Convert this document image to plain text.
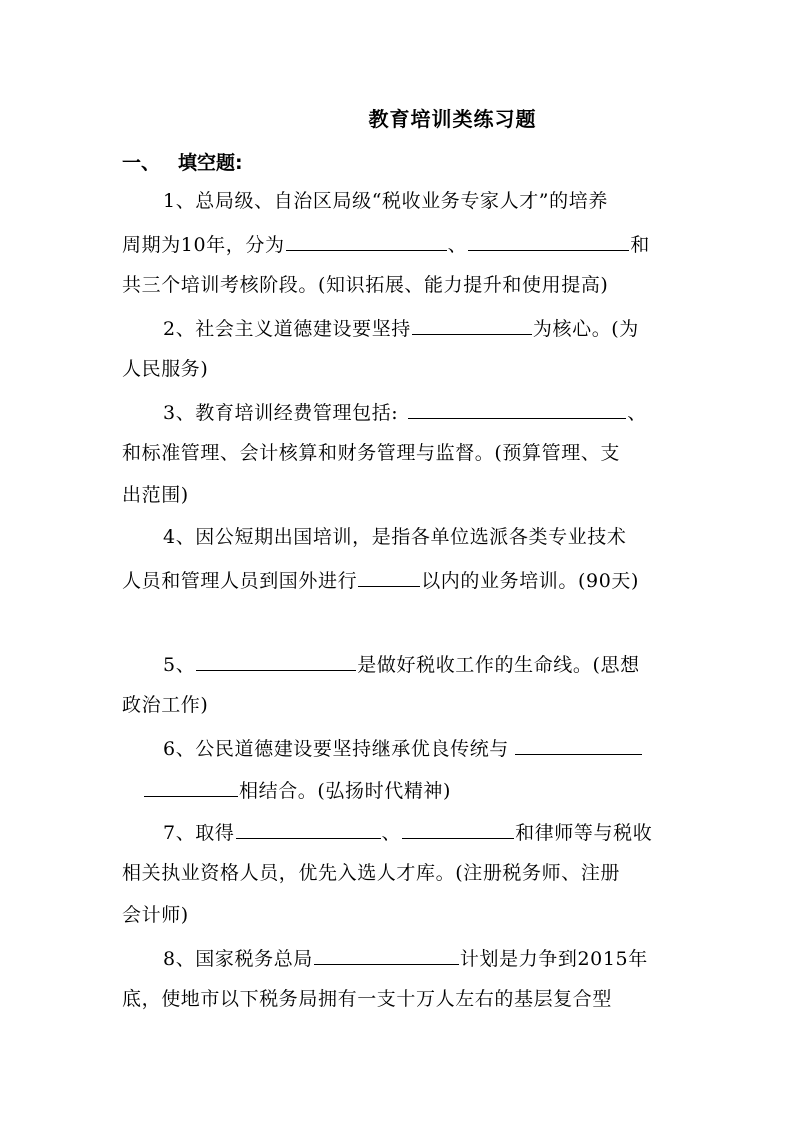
教育培训类练习题
一、 填空题:
1、总局级、自治区局级“税收业务专家人才”的培养
周期为10年，分为	、	和
共三个培训考核阶段。(知识拓展、能力提升和使用提高)
2、社会主义道德建设要坚持	为核心。(为
人民服务)
3、教育培训经费管理包括:	、
和标准管理、会计核算和财务管理与监督。(预算管理、支
出范围)
4、因公短期出国培训，是指各单位选派各类专业技术
人员和管理人员到国外进行	以内的业务培训。(90天)
5、	是做好税收工作的生命线。(思想
政治工作)
6、公民道德建设要坚持继承优良传统与
相结合。(弘扬时代精神)
7、取得	、	和律师等与税收
相关执业资格人员，优先入选人才库。(注册税务师、注册
会计师)
8、国家税务总局	计划是力争到2015年
底，使地市以下税务局拥有一支十万人左右的基层复合型
